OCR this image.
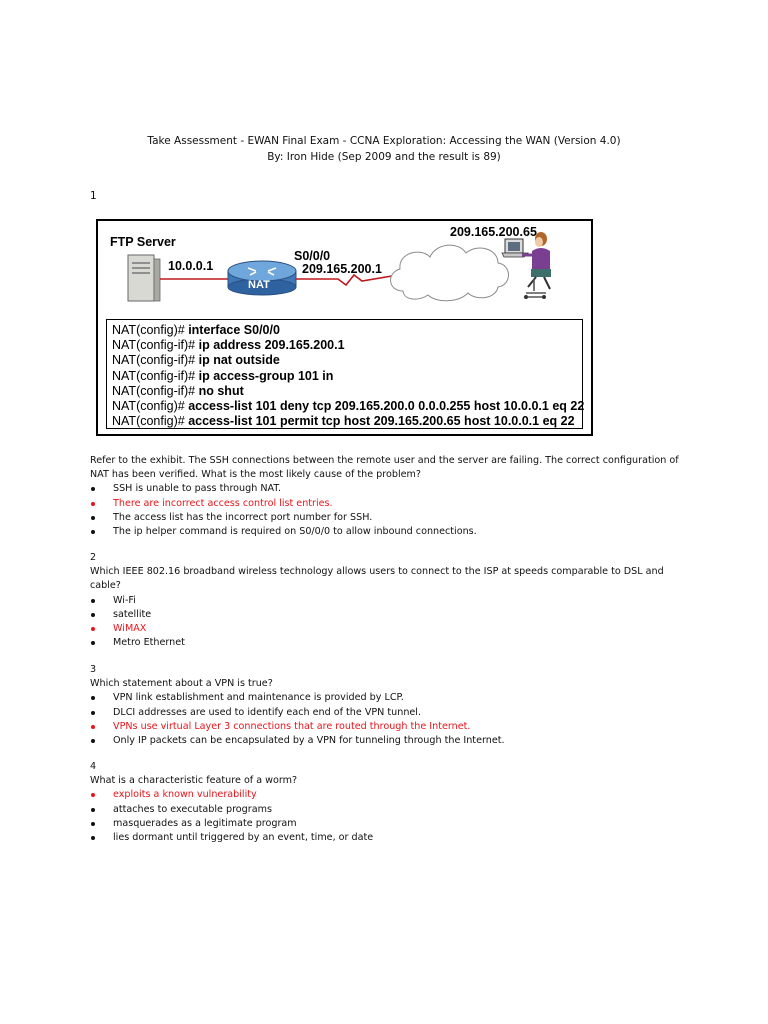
Take Assessment - EWAN Final Exam - CCNA Exploration: Accessing the WAN (Version 4.0)
By: Iron Hide (Sep 2009 and the result is 89)
1
FTP Server
10.0.0.1
S0/0/0
209.165.200.1
NAT
209.165.200.65
NAT(config)# interface S0/0/0
NAT(config-if)# ip address 209.165.200.1
NAT(config-if)# ip nat outside
NAT(config-if)# ip access-group 101 in
NAT(config-if)# no shut
NAT(config)# access-list 101 deny tcp 209.165.200.0 0.0.0.255 host 10.0.0.1 eq 22
NAT(config)# access-list 101 permit tcp host 209.165.200.65 host 10.0.0.1 eq 22
Refer to the exhibit. The SSH connections between the remote user and the server are failing. The correct configuration of NAT has been verified. What is the most likely cause of the problem?
SSH is unable to pass through NAT.
There are incorrect access control list entries.
The access list has the incorrect port number for SSH.
The ip helper command is required on S0/0/0 to allow inbound connections.
2
Which IEEE 802.16 broadband wireless technology allows users to connect to the ISP at speeds comparable to DSL and cable?
Wi-Fi
satellite
WiMAX
Metro Ethernet
3
Which statement about a VPN is true?
VPN link establishment and maintenance is provided by LCP.
DLCI addresses are used to identify each end of the VPN tunnel.
VPNs use virtual Layer 3 connections that are routed through the Internet.
Only IP packets can be encapsulated by a VPN for tunneling through the Internet.
4
What is a characteristic feature of a worm?
exploits a known vulnerability
attaches to executable programs
masquerades as a legitimate program
lies dormant until triggered by an event, time, or date
